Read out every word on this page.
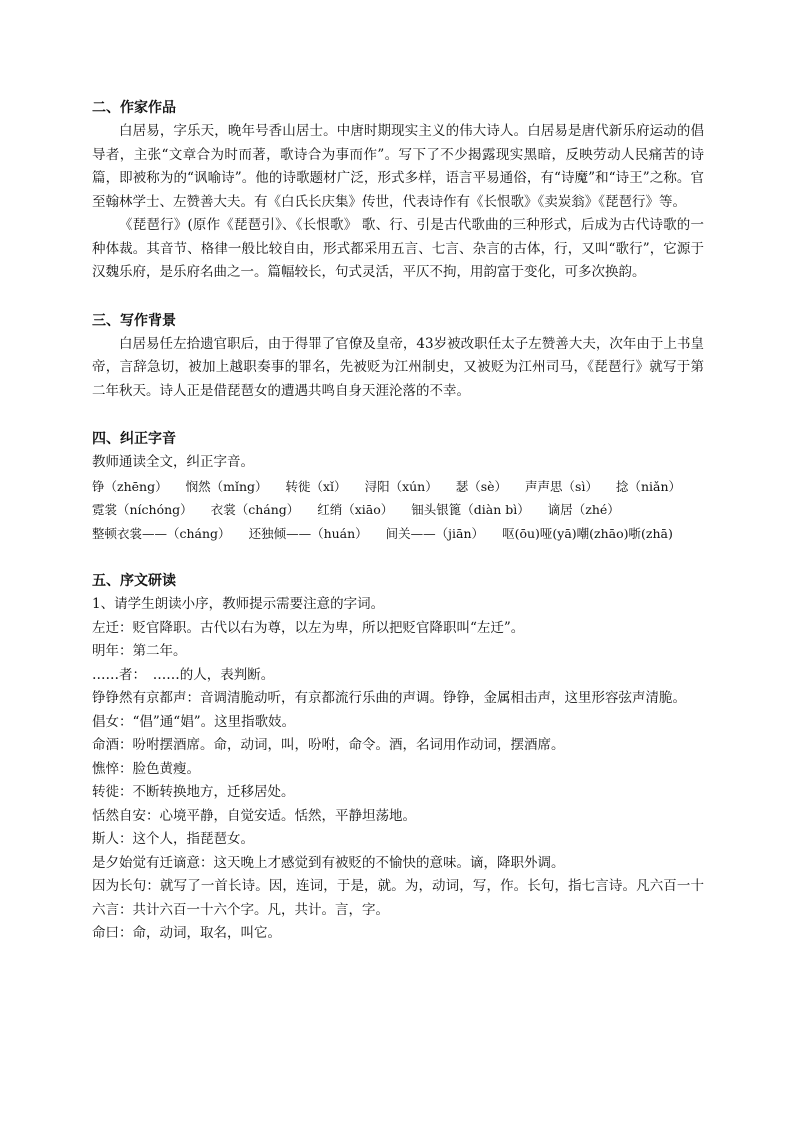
二、作家作品

白居易，字乐天，晚年号香山居士。中唐时期现实主义的伟大诗人。白居易是唐代新乐府运动的倡导者，主张“文章合为时而著，歌诗合为事而作”。写下了不少揭露现实黑暗，反映劳动人民痛苦的诗篇，即被称为的“讽喻诗”。他的诗歌题材广泛，形式多样，语言平易通俗，有“诗魔”和“诗王”之称。官至翰林学士、左赞善大夫。有《白氏长庆集》传世，代表诗作有《长恨歌》《卖炭翁》《琵琶行》等。

《琵琶行》(原作《琵琶引》、《长恨歌》 歌、行、引是古代歌曲的三种形式，后成为古代诗歌的一种体裁。其音节、格律一般比较自由，形式都采用五言、七言、杂言的古体，行，又叫“歌行”，它源于汉魏乐府，是乐府名曲之一。篇幅较长，句式灵活，平仄不拘，用韵富于变化，可多次换韵。

三、写作背景

白居易任左拾遗官职后，由于得罪了官僚及皇帝，43岁被改职任太子左赞善大夫，次年由于上书皇帝，言辞急切，被加上越职奏事的罪名，先被贬为江州制史，又被贬为江州司马，《琵琶行》就写于第二年秋天。诗人正是借琵琶女的遭遇共鸣自身天涯沦落的不幸。

四、纠正字音

教师通读全文，纠正字音。

铮（zhēng） 悯然（mǐng） 转徙（xǐ） 浔阳（xún） 瑟（sè） 声声思（sì） 捻（niǎn）
霓裳（níchóng） 衣裳（cháng） 红绡（xiāo） 钿头银篦（diàn bì） 谪居（zhé）
整顿衣裳——（cháng） 还独倾——（huán） 间关——（jiān） 呕(ōu)哑(yā)嘲(zhāo)哳(zhā)
五、序文研读

1、请学生朗读小序，教师提示需要注意的字词。

左迁：贬官降职。古代以右为尊，以左为卑，所以把贬官降职叫“左迁”。

明年：第二年。

……者：　……的人，表判断。

铮铮然有京都声：音调清脆动听，有京都流行乐曲的声调。铮铮，金属相击声，这里形容弦声清脆。

倡女：“倡”通“娼”。这里指歌妓。

命酒：吩咐摆酒席。命，动词，叫，吩咐，命令。酒，名词用作动词，摆酒席。

憔悴：脸色黄瘦。

转徙：不断转换地方，迁移居处。

恬然自安：心境平静，自觉安适。恬然，平静坦荡地。

斯人：这个人，指琵琶女。

是夕始觉有迁谪意：这天晚上才感觉到有被贬的不愉快的意味。谪，降职外调。

因为长句：就写了一首长诗。因，连词，于是，就。为，动词，写，作。长句，指七言诗。凡六百一十六言：共计六百一十六个字。凡，共计。言，字。

命曰：命，动词，取名，叫它。
